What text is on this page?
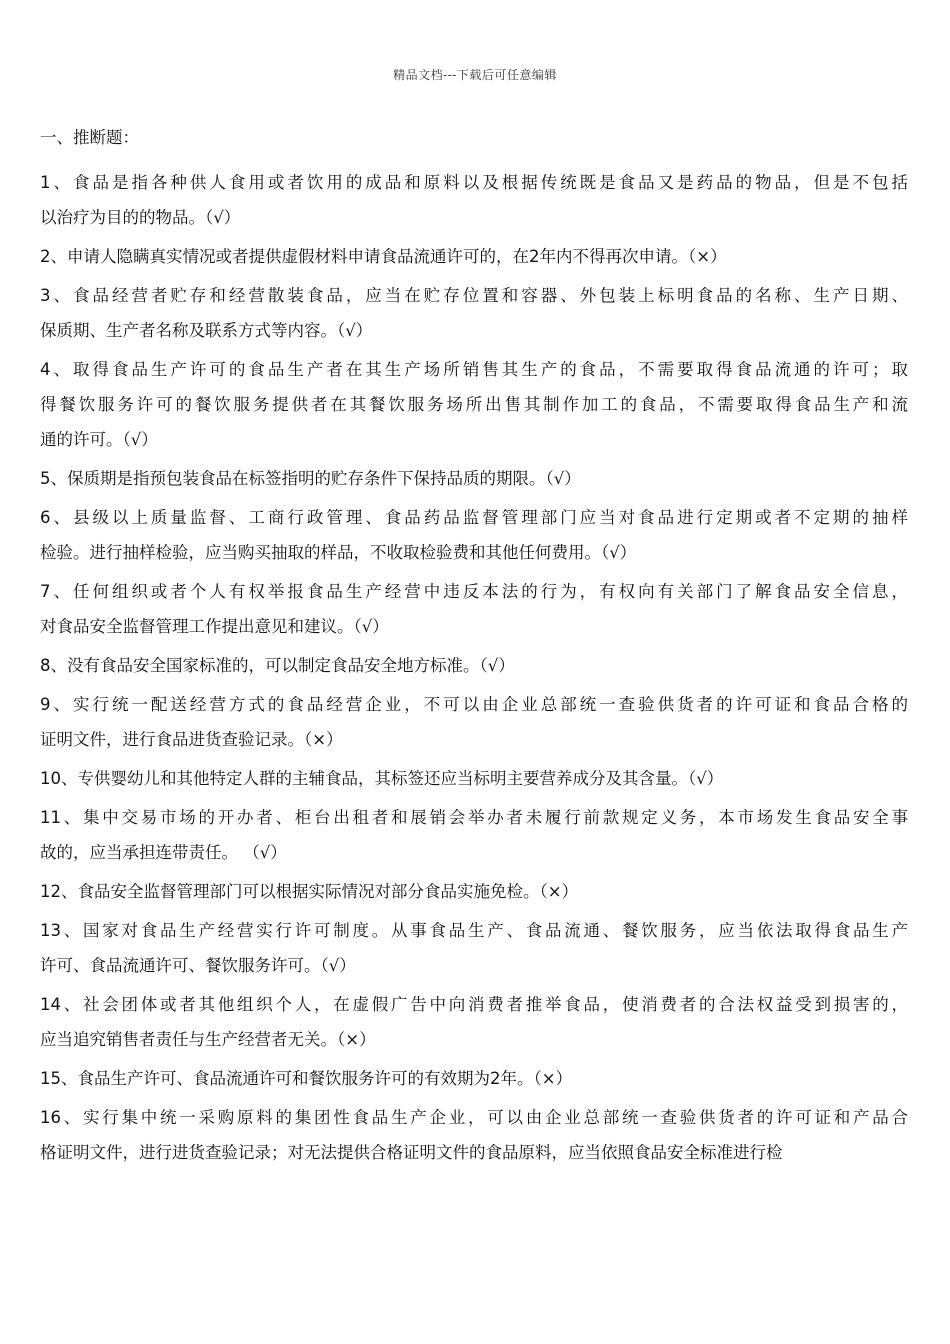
精品文档---下载后可任意编辑
一、推断题：
1、食品是指各种供人食用或者饮用的成品和原料以及根据传统既是食品又是药品的物品，但是不包括
以治疗为目的的物品。（√）
2、申请人隐瞒真实情况或者提供虚假材料申请食品流通许可的，在2年内不得再次申请。（×）
3、食品经营者贮存和经营散装食品，应当在贮存位置和容器、外包装上标明食品的名称、生产日期、
保质期、生产者名称及联系方式等内容。（√）
4、取得食品生产许可的食品生产者在其生产场所销售其生产的食品，不需要取得食品流通的许可；取
得餐饮服务许可的餐饮服务提供者在其餐饮服务场所出售其制作加工的食品，不需要取得食品生产和流
通的许可。（√）
5、保质期是指预包装食品在标签指明的贮存条件下保持品质的期限。（√）
6、县级以上质量监督、工商行政管理、食品药品监督管理部门应当对食品进行定期或者不定期的抽样
检验。进行抽样检验，应当购买抽取的样品，不收取检验费和其他任何费用。（√）
7、任何组织或者个人有权举报食品生产经营中违反本法的行为，有权向有关部门了解食品安全信息，
对食品安全监督管理工作提出意见和建议。（√）
8、没有食品安全国家标准的，可以制定食品安全地方标准。（√）
9、实行统一配送经营方式的食品经营企业，不可以由企业总部统一查验供货者的许可证和食品合格的
证明文件，进行食品进货查验记录。（×）
10、专供婴幼儿和其他特定人群的主辅食品，其标签还应当标明主要营养成分及其含量。（√）
11、集中交易市场的开办者、柜台出租者和展销会举办者未履行前款规定义务，本市场发生食品安全事
故的，应当承担连带责任。 （√）
12、食品安全监督管理部门可以根据实际情况对部分食品实施免检。（×）
13、国家对食品生产经营实行许可制度。从事食品生产、食品流通、餐饮服务，应当依法取得食品生产
许可、食品流通许可、餐饮服务许可。（√）
14、社会团体或者其他组织个人，在虚假广告中向消费者推举食品，使消费者的合法权益受到损害的，
应当追究销售者责任与生产经营者无关。（×）
15、食品生产许可、食品流通许可和餐饮服务许可的有效期为2年。（×）
16、实行集中统一采购原料的集团性食品生产企业，可以由企业总部统一查验供货者的许可证和产品合
格证明文件，进行进货查验记录；对无法提供合格证明文件的食品原料，应当依照食品安全标准进行检
